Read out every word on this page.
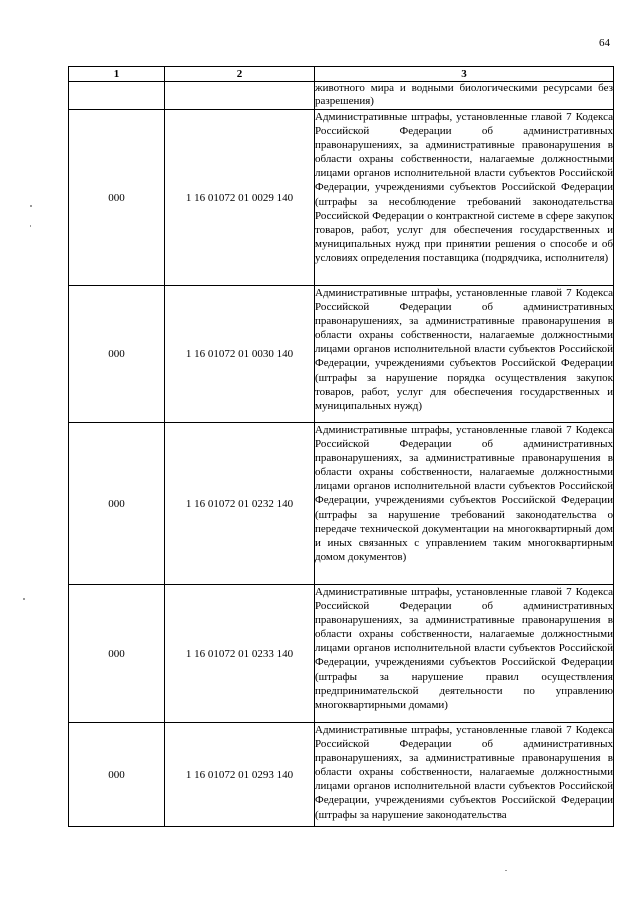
64
1	2	3
		животного мира и водными биологическими ресурсами без разрешения)
000	1 16 01072 01 0029 140	Административные штрафы, установленные главой 7 Кодекса Российской Федерации об административных правонарушениях, за административные правонарушения в области охраны собственности, налагаемые должностными лицами органов исполнительной власти субъектов Российской Федерации, учреждениями субъектов Российской Федерации (штрафы за несоблюдение требований законодательства Российской Федерации о контрактной системе в сфере закупок товаров, работ, услуг для обеспечения государственных и муниципальных нужд при принятии решения о способе и об условиях определения поставщика (подрядчика, исполнителя)
000	1 16 01072 01 0030 140	Административные штрафы, установленные главой 7 Кодекса Российской Федерации об административных правонарушениях, за административные правонарушения в области охраны собственности, налагаемые должностными лицами органов исполнительной власти субъектов Российской Федерации, учреждениями субъектов Российской Федерации (штрафы за нарушение порядка осуществления закупок товаров, работ, услуг для обеспечения государственных и муниципальных нужд)
000	1 16 01072 01 0232 140	Административные штрафы, установленные главой 7 Кодекса Российской Федерации об административных правонарушениях, за административные правонарушения в области охраны собственности, налагаемые должностными лицами органов исполнительной власти субъектов Российской Федерации, учреждениями субъектов Российской Федерации (штрафы за нарушение требований законодательства о передаче технической документации на многоквартирный дом и иных связанных с управлением таким многоквартирным домом документов)
000	1 16 01072 01 0233 140	Административные штрафы, установленные главой 7 Кодекса Российской Федерации об административных правонарушениях, за административные правонарушения в области охраны собственности, налагаемые должностными лицами органов исполнительной власти субъектов Российской Федерации, учреждениями субъектов Российской Федерации (штрафы за нарушение правил осуществления предпринимательской деятельности по управлению многоквартирными домами)
000	1 16 01072 01 0293 140	Административные штрафы, установленные главой 7 Кодекса Российской Федерации об административных правонарушениях, за административные правонарушения в области охраны собственности, налагаемые должностными лицами органов исполнительной власти субъектов Российской Федерации, учреждениями субъектов Российской Федерации (штрафы за нарушение законодательства
